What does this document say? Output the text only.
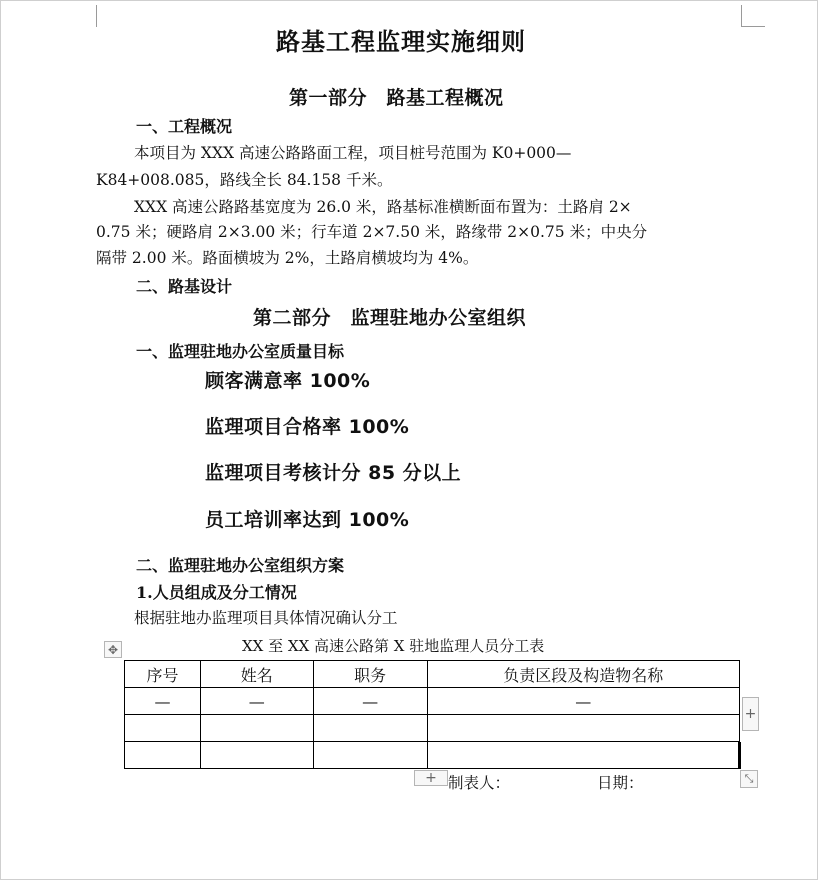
路基工程监理实施细则
第一部分　路基工程概况
一、工程概况
本项目为 XXX 高速公路路面工程，项目桩号范围为 K0+000—
K84+008.085，路线全长 84.158 千米。
XXX 高速公路路基宽度为 26.0 米，路基标准横断面布置为：土路肩 2×
0.75 米；硬路肩 2×3.00 米；行车道 2×7.50 米，路缘带 2×0.75 米；中央分
隔带 2.00 米。路面横坡为 2%，土路肩横坡均为 4%。
二、路基设计
第二部分　监理驻地办公室组织
一、监理驻地办公室质量目标
顾客满意率 100%
监理项目合格率 100%
监理项目考核计分 85 分以上
员工培训率达到 100%
二、监理驻地办公室组织方案
1.人员组成及分工情况
根据驻地办监理项目具体情况确认分工
✥	XX 至 XX 高速公路第 X 驻地监理人员分工表
序号	姓名	职务	负责区段及构造物名称
—	—	—	—

+
+	⤡
制表人：	日期：
